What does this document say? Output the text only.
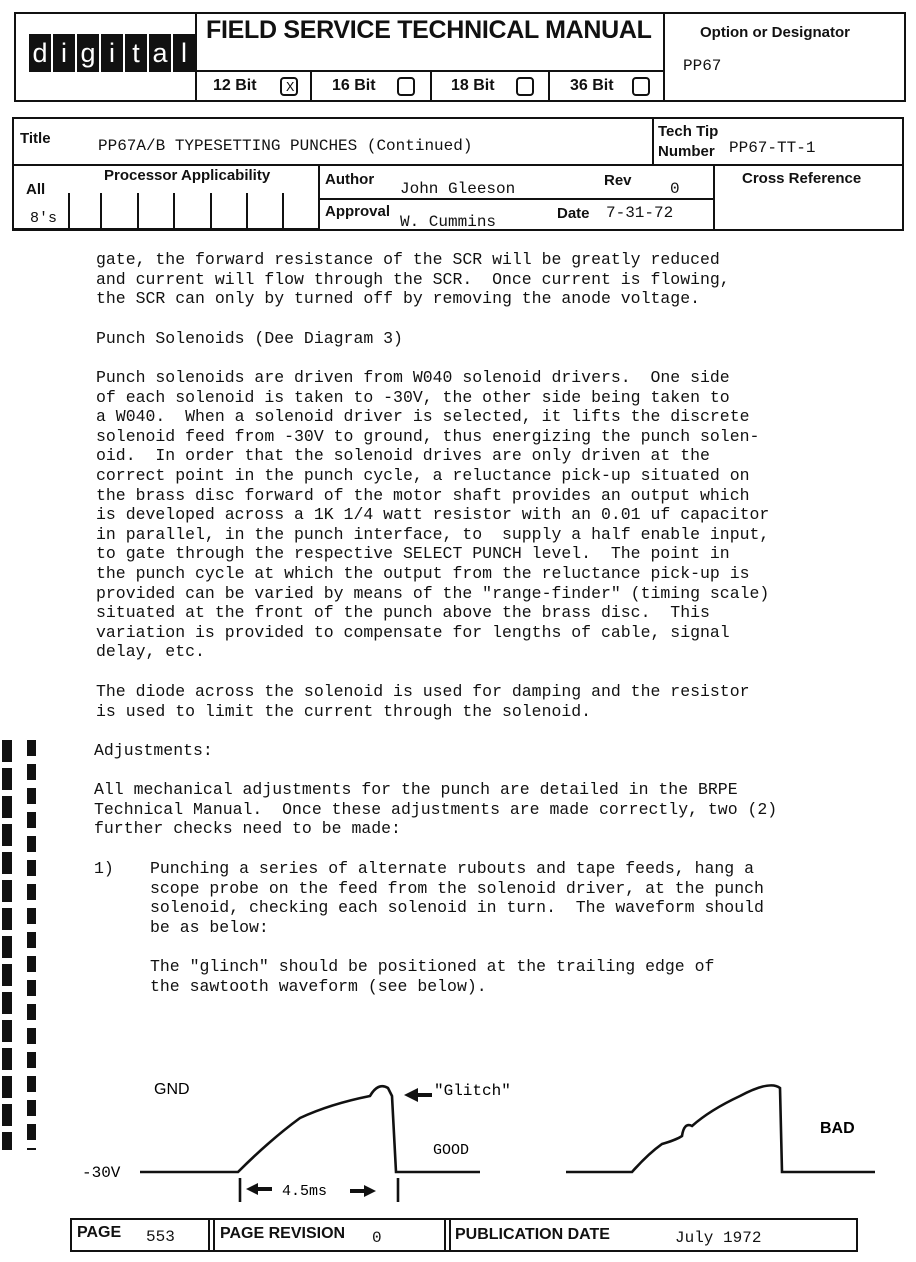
d i g i t a l
FIELD SERVICE TECHNICAL MANUAL
12 Bit X 16 Bit	18 Bit	36 Bit
Option or Designator
PP67
Title	PP67A/B TYPESETTING PUNCHES (Continued)
Tech Tip
Number PP67-TT-1
Processor Applicability
All
8's
Author
John Gleeson	Rev 0
Approval
W. Cummins	Date 7-31-72
Cross Reference
gate, the forward resistance of the SCR will be greatly reduced
and current will flow through the SCR.  Once current is flowing,
the SCR can only by turned off by removing the anode voltage.
Punch Solenoids (Dee Diagram 3)
Punch solenoids are driven from W040 solenoid drivers.  One side
of each solenoid is taken to -30V, the other side being taken to
a W040.  When a solenoid driver is selected, it lifts the discrete
solenoid feed from -30V to ground, thus energizing the punch solen-
oid.  In order that the solenoid drives are only driven at the
correct point in the punch cycle, a reluctance pick-up situated on
the brass disc forward of the motor shaft provides an output which
is developed across a 1K 1/4 watt resistor with an 0.01 uf capacitor
in parallel, in the punch interface, to  supply a half enable input,
to gate through the respective SELECT PUNCH level.  The point in
the punch cycle at which the output from the reluctance pick-up is
provided can be varied by means of the "range-finder" (timing scale)
situated at the front of the punch above the brass disc.  This
variation is provided to compensate for lengths of cable, signal
delay, etc.
The diode across the solenoid is used for damping and the resistor
is used to limit the current through the solenoid.
Adjustments:
All mechanical adjustments for the punch are detailed in the BRPE
Technical Manual.  Once these adjustments are made correctly, two (2)
further checks need to be made:
1) Punching a series of alternate rubouts and tape feeds, hang a
scope probe on the feed from the solenoid driver, at the punch
solenoid, checking each solenoid in turn.  The waveform should
be as below:
The "glinch" should be positioned at the trailing edge of
the sawtooth waveform (see below).
GND
-30V
"Glitch"
GOOD
BAD
4.5ms
PAGE 553	PAGE REVISION 0	PUBLICATION DATE	July 1972
